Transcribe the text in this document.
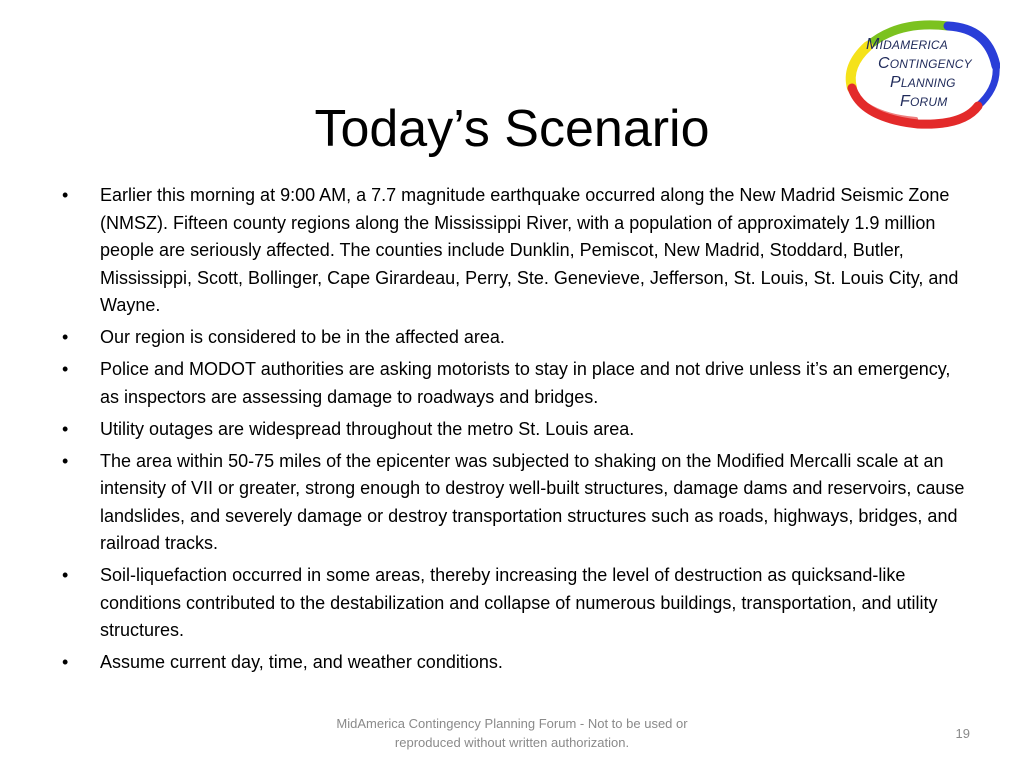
MIDAMERICA
CONTINGENCY
PLANNING
FORUM
Today’s Scenario
•	Earlier this morning at 9:00 AM, a 7.7 magnitude earthquake occurred along the New Madrid Seismic Zone (NMSZ). Fifteen county regions along the Mississippi River, with a population of approximately 1.9 million people are seriously affected. The counties include Dunklin, Pemiscot, New Madrid, Stoddard, Butler, Mississippi, Scott, Bollinger, Cape Girardeau, Perry, Ste. Genevieve, Jefferson, St. Louis, St. Louis City, and Wayne.
•	Our region is considered to be in the affected area.
•	Police and MODOT authorities are asking motorists to stay in place and not drive unless it’s an emergency, as inspectors are assessing damage to roadways and bridges.
•	Utility outages are widespread throughout the metro St. Louis area.
•	The area within 50-75 miles of the epicenter was subjected to shaking on the Modified Mercalli scale at an intensity of VII or greater, strong enough to destroy well-built structures, damage dams and reservoirs, cause landslides, and severely damage or destroy transportation structures such as roads, highways, bridges, and railroad tracks.
•	Soil-liquefaction occurred in some areas, thereby increasing the level of destruction as quicksand-like conditions contributed to the destabilization and collapse of numerous buildings, transportation, and utility structures.
•	Assume current day, time, and weather conditions.
MidAmerica Contingency Planning Forum - Not to be used or
reproduced without written authorization.
19
